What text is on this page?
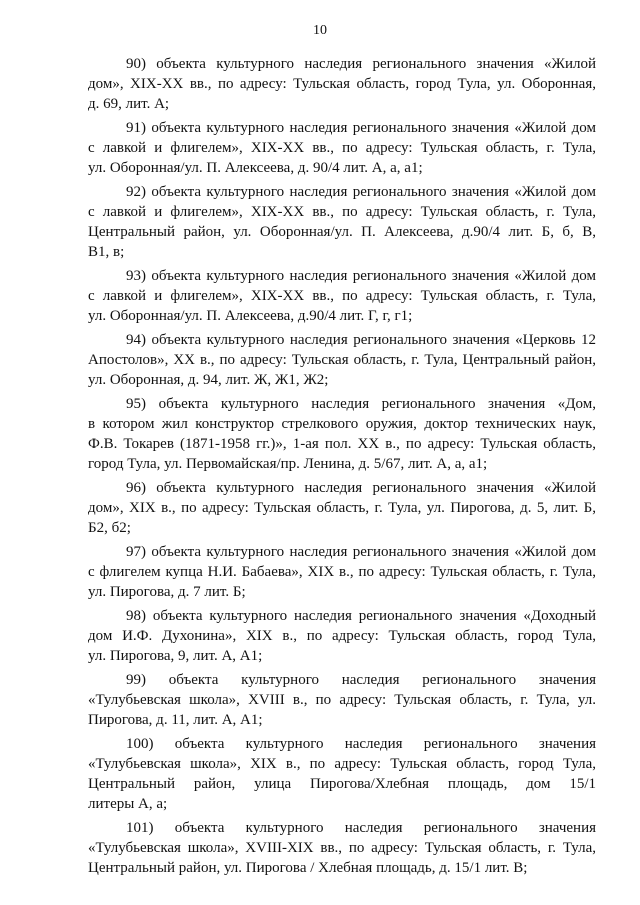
10
90) объекта культурного наследия регионального значения «Жилой
дом», XIX-XX вв., по адресу: Тульская область, город Тула, ул. Оборонная,
д. 69, лит. А;
91) объекта культурного наследия регионального значения «Жилой дом
с лавкой и флигелем», XIX-XX вв., по адресу: Тульская область, г. Тула,
ул. Оборонная/ул. П. Алексеева, д. 90/4 лит. А, а, а1;
92) объекта культурного наследия регионального значения «Жилой дом
с лавкой и флигелем», XIX-XX вв., по адресу: Тульская область, г. Тула,
Центральный район, ул. Оборонная/ул. П. Алексеева, д.90/4 лит. Б, б, В,
В1, в;
93) объекта культурного наследия регионального значения «Жилой дом
с лавкой и флигелем», XIX-XX вв., по адресу: Тульская область, г. Тула,
ул. Оборонная/ул. П. Алексеева, д.90/4 лит. Г, г, г1;
94) объекта культурного наследия регионального значения «Церковь 12
Апостолов», XX в., по адресу: Тульская область, г. Тула, Центральный район,
ул. Оборонная, д. 94, лит. Ж, Ж1, Ж2;
95) объекта культурного наследия регионального значения «Дом,
в котором жил конструктор стрелкового оружия, доктор технических наук,
Ф.В. Токарев (1871-1958 гг.)», 1-ая пол. XX в., по адресу: Тульская область,
город Тула, ул. Первомайская/пр. Ленина, д. 5/67, лит. А, а, а1;
96) объекта культурного наследия регионального значения «Жилой
дом», XIX в., по адресу: Тульская область, г. Тула, ул. Пирогова, д. 5, лит. Б,
Б2, б2;
97) объекта культурного наследия регионального значения «Жилой дом
с флигелем купца Н.И. Бабаева», XIX в., по адресу: Тульская область, г. Тула,
ул. Пирогова, д. 7 лит. Б;
98) объекта культурного наследия регионального значения «Доходный
дом И.Ф. Духонина», XIX в., по адресу: Тульская область, город Тула,
ул. Пирогова, 9, лит. А, А1;
99) объекта культурного наследия регионального значения
«Тулубьевская школа», XVIII в., по адресу: Тульская область, г. Тула, ул.
Пирогова, д. 11, лит. А, А1;
100) объекта культурного наследия регионального значения
«Тулубьевская школа», XIX в., по адресу: Тульская область, город Тула,
Центральный район, улица Пирогова/Хлебная площадь, дом 15/1
литеры А, а;
101) объекта культурного наследия регионального значения
«Тулубьевская школа», XVIII-XIX вв., по адресу: Тульская область, г. Тула,
Центральный район, ул. Пирогова / Хлебная площадь, д. 15/1 лит. В;
